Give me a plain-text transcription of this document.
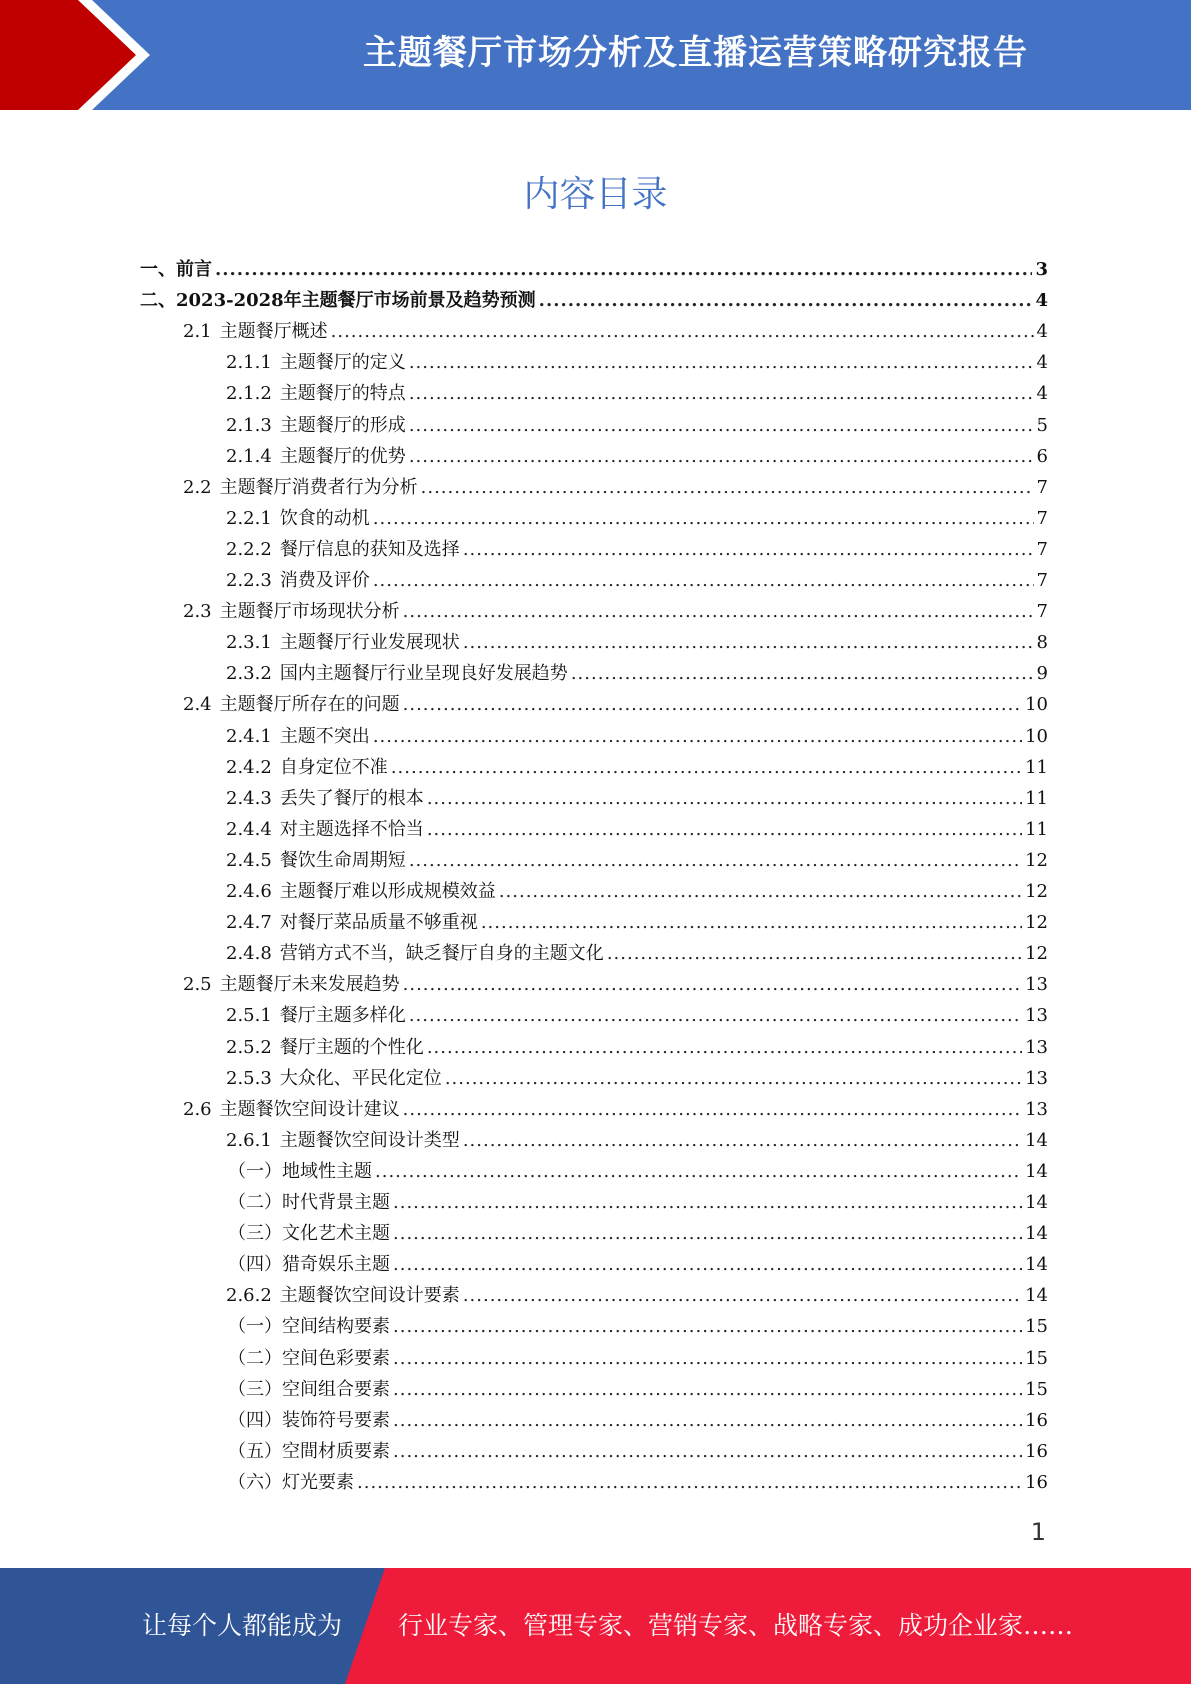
主题餐厅市场分析及直播运营策略研究报告
内容目录
一、 前言 .....	3
二、 2023-2028年主题餐厅市场前景及趋势预测 .....	4
2.1 主题餐厅概述 .....	4
2.1.1 主题餐厅的定义 .....	4
2.1.2 主题餐厅的特点 .....	4
2.1.3 主题餐厅的形成 .....	5
2.1.4 主题餐厅的优势 .....	6
2.2 主题餐厅消费者行为分析 .....	7
2.2.1 饮食的动机 .....	7
2.2.2 餐厅信息的获知及选择 .....	7
2.2.3 消费及评价 .....	7
2.3 主题餐厅市场现状分析 .....	7
2.3.1 主题餐厅行业发展现状 .....	8
2.3.2 国内主题餐厅行业呈现良好发展趋势 .....	9
2.4 主题餐厅所存在的问题 .....	10
2.4.1 主题不突出 .....	10
2.4.2 自身定位不准 .....	11
2.4.3 丢失了餐厅的根本 .....	11
2.4.4 对主题选择不恰当 .....	11
2.4.5 餐饮生命周期短 .....	12
2.4.6 主题餐厅难以形成规模效益 .....	12
2.4.7 对餐厅菜品质量不够重视 .....	12
2.4.8 营销方式不当，缺乏餐厅自身的主题文化 .....	12
2.5 主题餐厅未来发展趋势 .....	13
2.5.1 餐厅主题多样化 .....	13
2.5.2 餐厅主题的个性化 .....	13
2.5.3 大众化、平民化定位 .....	13
2.6 主题餐饮空间设计建议 .....	13
2.6.1 主题餐饮空间设计类型 .....	14
（一） 地域性主题 .....	14
（二） 时代背景主题 .....	14
（三） 文化艺术主题 .....	14
（四） 猎奇娱乐主题 .....	14
2.6.2 主题餐饮空间设计要素 .....	14
（一） 空间结构要素 .....	15
（二） 空间色彩要素 .....	15
（三） 空间组合要素 .....	15
（四） 装饰符号要素 .....	16
（五） 空間材质要素 .....	16
（六） 灯光要素 .....	16
1
让每个人都能成为 行业专家、管理专家、营销专家、战略专家、成功企业家……
